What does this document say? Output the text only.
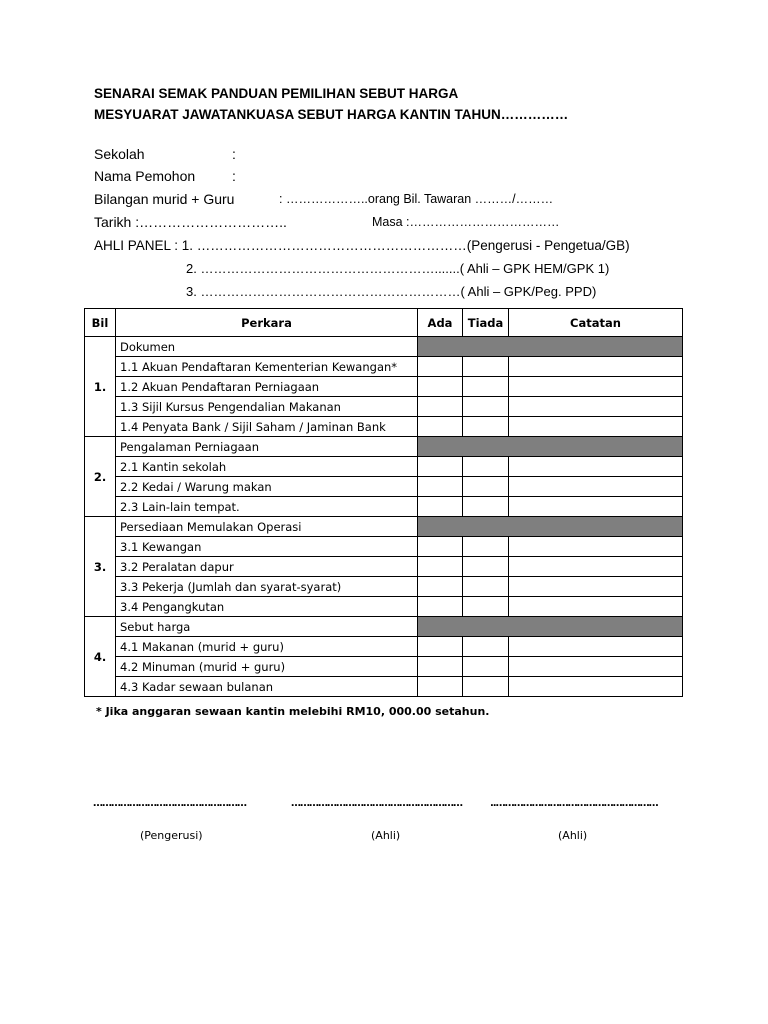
SENARAI SEMAK PANDUAN PEMILIHAN SEBUT HARGA
MESYUARAT JAWATANKUASA SEBUT HARGA KANTIN TAHUN……………
Sekolah	:
Nama Pemohon	:
Bilangan murid + Guru	: ………………..orang Bil. Tawaran ………/………
Tarikh :…………………………..	Masa :………………………………
AHLI PANEL : 1. ……………………………………………………(Pengerusi - Pengetua/GB)
2. ……………………………………………….......( Ahli – GPK HEM/GPK 1)
3. ……………………………………………………( Ahli – GPK/Peg. PPD)
Bil	Perkara	Ada	Tiada	Catatan
1.	Dokumen			
	1.1 Akuan Pendaftaran Kementerian Kewangan*			
	1.2 Akuan Pendaftaran Perniagaan			
	1.3 Sijil Kursus Pengendalian Makanan			
	1.4 Penyata Bank / Sijil Saham / Jaminan Bank			
2.	Pengalaman Perniagaan			
	2.1 Kantin sekolah			
	2.2 Kedai / Warung makan			
	2.3 Lain-lain tempat.			
3.	Persediaan Memulakan Operasi			
	3.1 Kewangan			
	3.2 Peralatan dapur			
	3.3 Pekerja (Jumlah dan syarat-syarat)			
	3.4 Pengangkutan			
4.	Sebut harga			
	4.1 Makanan (murid + guru)			
	4.2 Minuman (murid + guru)			
	4.3 Kadar sewaan bulanan			
* Jika anggaran sewaan kantin melebihi RM10, 000.00 setahun.
……………………………………………	…………………………………………………	..………………………………………………
(Pengerusi)	(Ahli)	(Ahli)
